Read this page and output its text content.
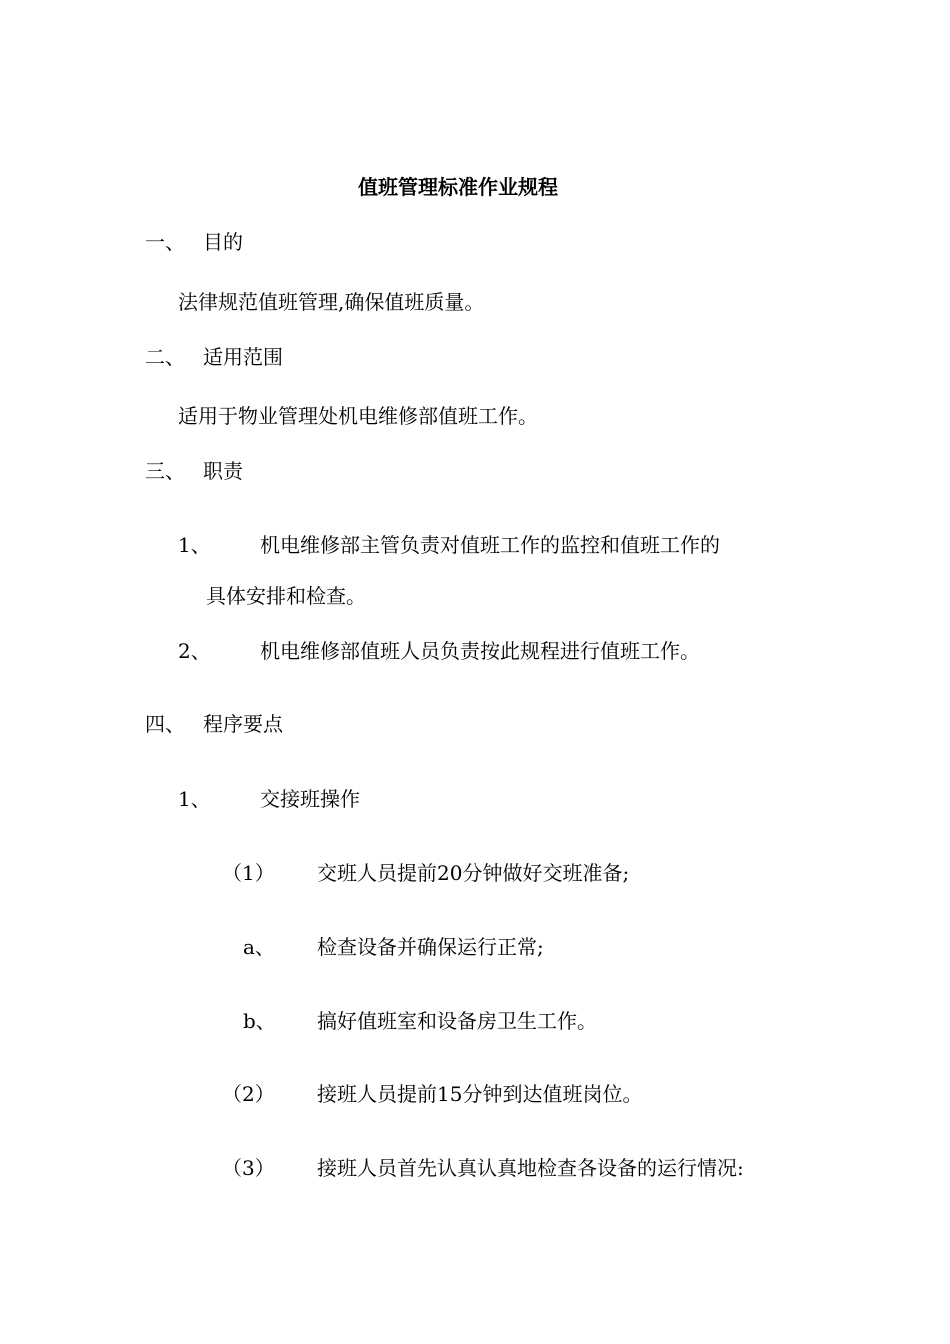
值班管理标准作业规程
一、 目的
法律规范值班管理,确保值班质量。
二、 适用范围
适用于物业管理处机电维修部值班工作。
三、 职责
1、 机电维修部主管负责对值班工作的监控和值班工作的
具体安排和检查。
2、 机电维修部值班人员负责按此规程进行值班工作。
四、 程序要点
1、 交接班操作
（1） 交班人员提前20分钟做好交班准备;
a、 检查设备并确保运行正常;
b、 搞好值班室和设备房卫生工作。
（2） 接班人员提前15分钟到达值班岗位。
（3） 接班人员首先认真认真地检查各设备的运行情况:
